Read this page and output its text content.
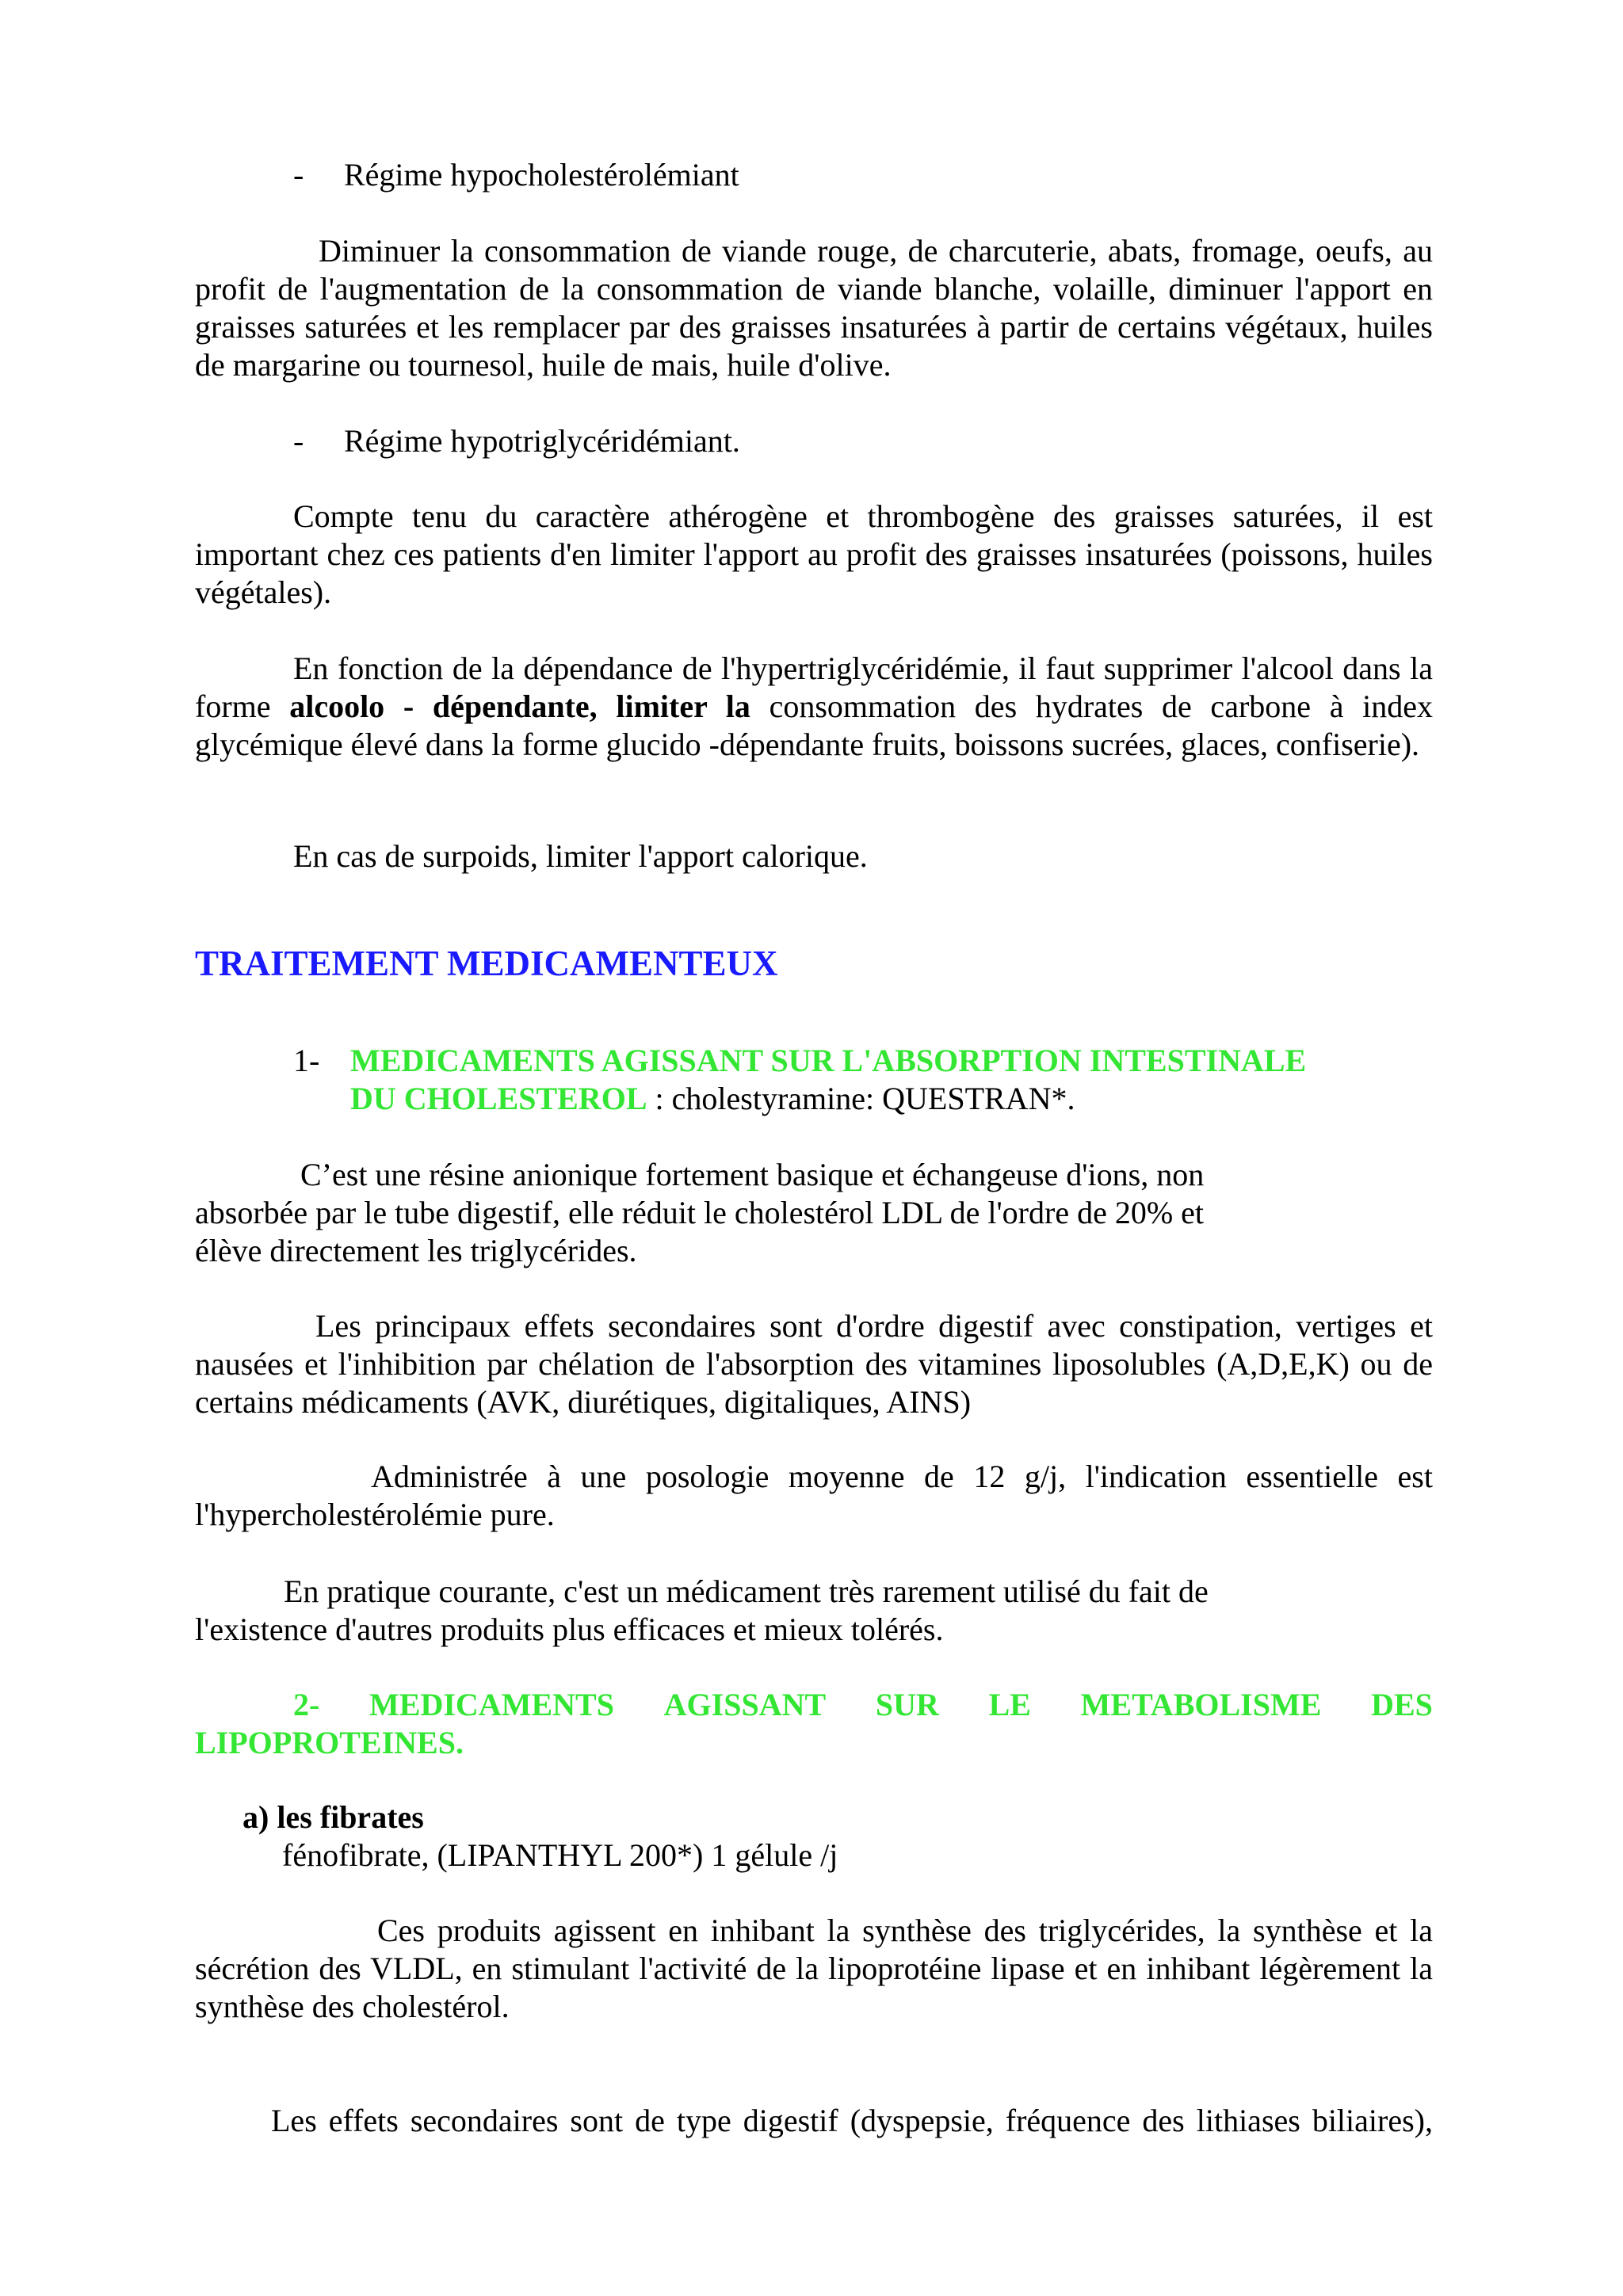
- Régime hypocholestérolémiant

Diminuer la consommation de viande rouge, de charcuterie, abats, fromage, oeufs, au profit de l'augmentation de la consommation de viande blanche, volaille, diminuer l'apport en graisses saturées et les remplacer par des graisses insaturées à partir de certains végétaux, huiles de margarine ou tournesol, huile de mais, huile d'olive.

- Régime hypotriglycéridémiant.

Compte tenu du caractère athérogène et thrombogène des graisses saturées, il est important chez ces patients d'en limiter l'apport au profit des graisses insaturées (poissons, huiles végétales).

En fonction de la dépendance de l'hypertriglycéridémie, il faut supprimer l'alcool dans la forme alcoolo - dépendante, limiter la consommation des hydrates de carbone à index glycémique élevé dans la forme glucido -dépendante fruits, boissons sucrées, glaces, confiserie).

En cas de surpoids, limiter l'apport calorique.

TRAITEMENT MEDICAMENTEUX

1- MEDICAMENTS AGISSANT SUR L'ABSORPTION INTESTINALE

DU CHOLESTEROL : cholestyramine: QUESTRAN*.

C’est une résine anionique fortement basique et échangeuse d'ions, non

absorbée par le tube digestif, elle réduit le cholestérol LDL de l'ordre de 20% et

élève directement les triglycérides.

Les principaux effets secondaires sont d'ordre digestif avec constipation, vertiges et nausées et l'inhibition par chélation de l'absorption des vitamines liposolubles (A,D,E,K) ou de certains médicaments (AVK, diurétiques, digitaliques, AINS)

Administrée à une posologie moyenne de 12 g/j, l'indication essentielle est l'hypercholestérolémie pure.

En pratique courante, c'est un médicament très rarement utilisé du fait de

l'existence d'autres produits plus efficaces et mieux tolérés.

2- MEDICAMENTS AGISSANT SUR LE METABOLISME DES

LIPOPROTEINES.

a) les fibrates

fénofibrate, (LIPANTHYL 200*) 1 gélule /j

Ces produits agissent en inhibant la synthèse des triglycérides, la synthèse et la sécrétion des VLDL, en stimulant l'activité de la lipoprotéine lipase et en inhibant légèrement la synthèse des cholestérol.

Les effets secondaires sont de type digestif (dyspepsie, fréquence des lithiases biliaires),
